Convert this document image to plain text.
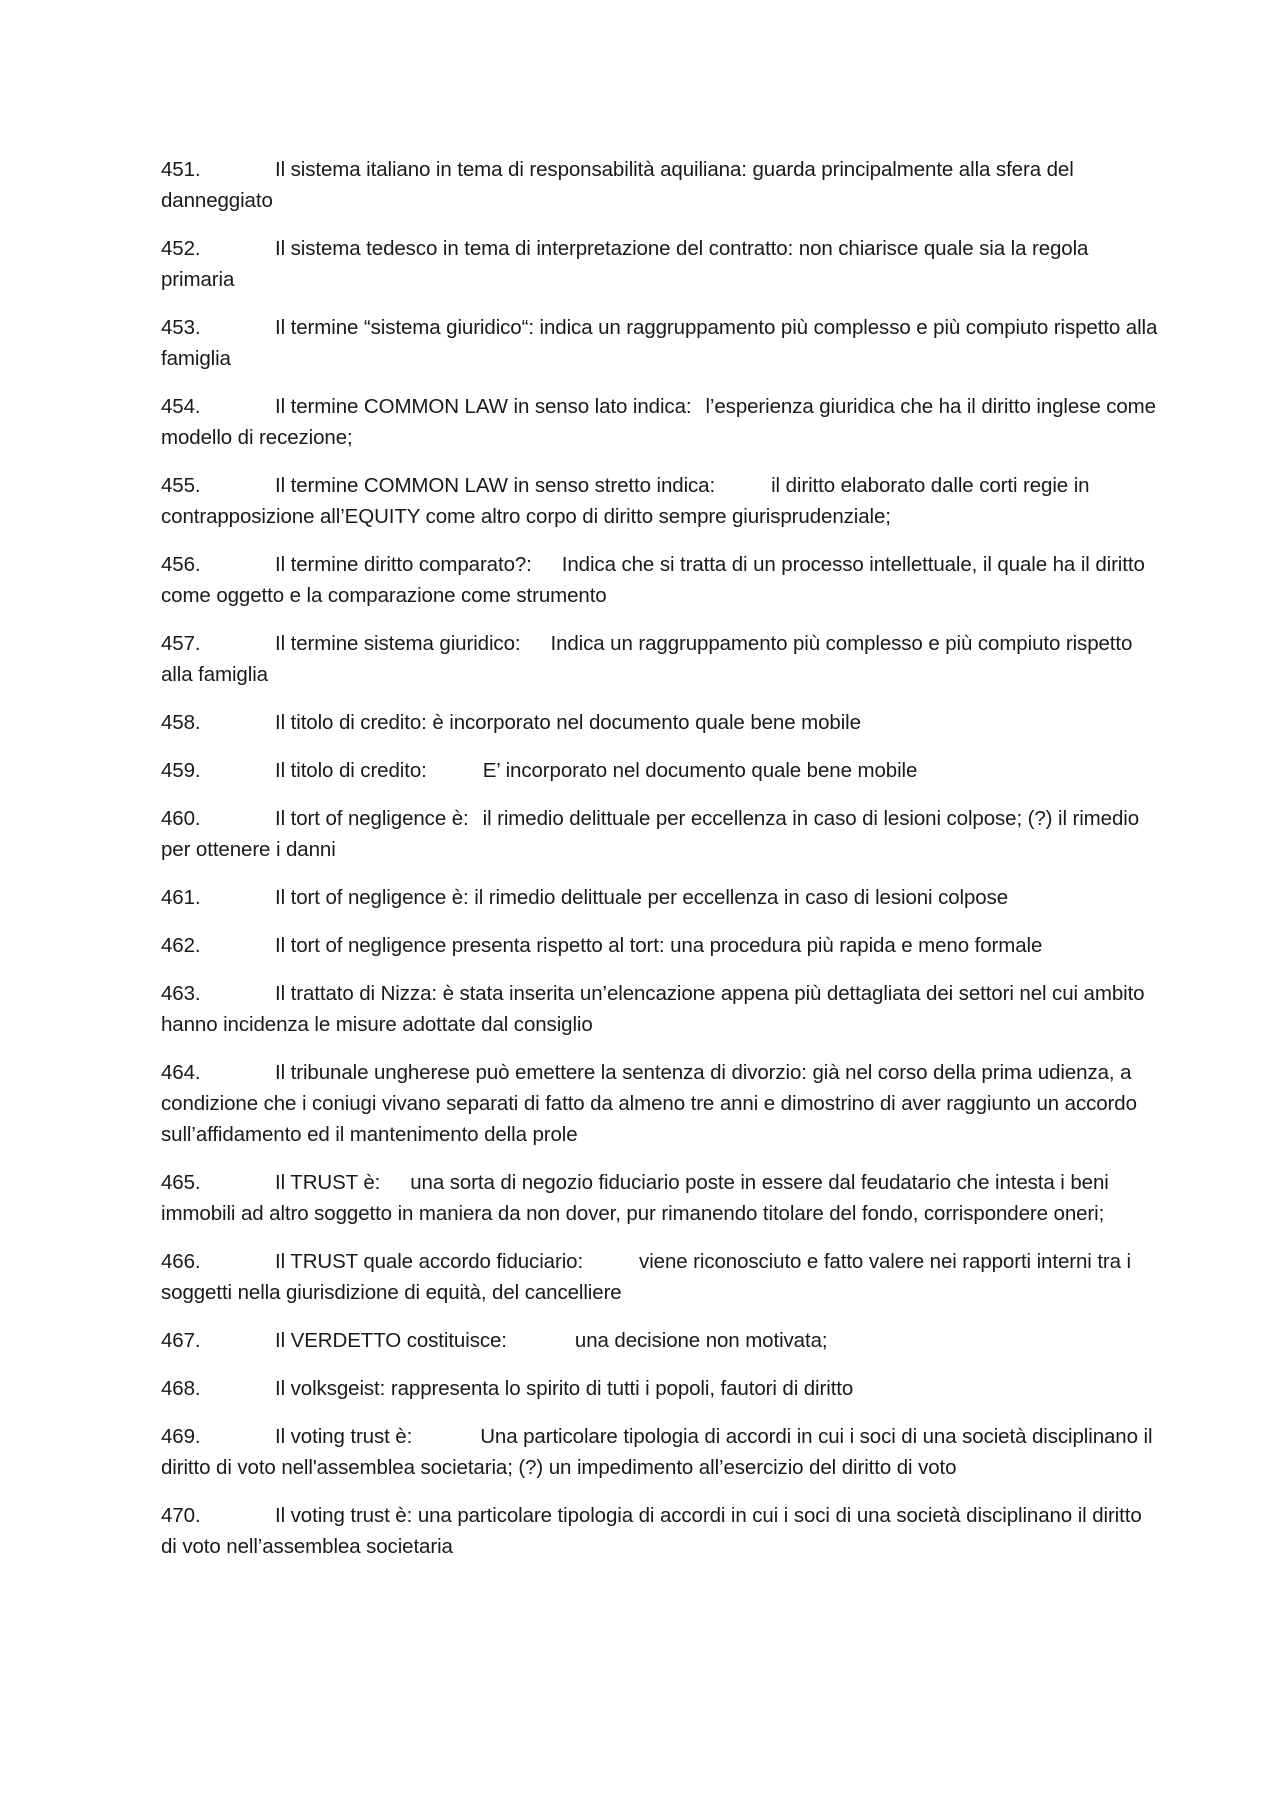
451.	Il sistema italiano in tema di responsabilità aquiliana: guarda principalmente alla sfera del danneggiato

452.	Il sistema tedesco in tema di interpretazione del contratto: non chiarisce quale sia la regola primaria

453.	Il termine “sistema giuridico“: indica un raggruppamento più complesso e più compiuto rispetto alla famiglia

454.	Il termine COMMON LAW in senso lato indica: l’esperienza giuridica che ha il diritto inglese come modello di recezione;

455.	Il termine COMMON LAW in senso stretto indica:	il diritto elaborato dalle corti regie in contrapposizione all’EQUITY come altro corpo di diritto sempre giurisprudenziale;

456.	Il termine diritto comparato?: Indica che si tratta di un processo intellettuale, il quale ha il diritto come oggetto e la comparazione come strumento

457.	Il termine sistema giuridico: Indica un raggruppamento più complesso e più compiuto rispetto alla famiglia

458.	Il titolo di credito: è incorporato nel documento quale bene mobile

459.	Il titolo di credito:	E’ incorporato nel documento quale bene mobile

460.	Il tort of negligence è: il rimedio delittuale per eccellenza in caso di lesioni colpose; (?) il rimedio per ottenere i danni

461.	Il tort of negligence è: il rimedio delittuale per eccellenza in caso di lesioni colpose

462.	Il tort of negligence presenta rispetto al tort: una procedura più rapida e meno formale

463.	Il trattato di Nizza: è stata inserita un’elencazione appena più dettagliata dei settori nel cui ambito hanno incidenza le misure adottate dal consiglio

464.	Il tribunale ungherese può emettere la sentenza di divorzio: già nel corso della prima udienza, a condizione che i coniugi vivano separati di fatto da almeno tre anni e dimostrino di aver raggiunto un accordo sull’affidamento ed il mantenimento della prole

465.	Il TRUST è: una sorta di negozio fiduciario poste in essere dal feudatario che intesta i beni immobili ad altro soggetto in maniera da non dover, pur rimanendo titolare del fondo, corrispondere oneri;

466.	Il TRUST quale accordo fiduciario:	viene riconosciuto e fatto valere nei rapporti interni tra i soggetti nella giurisdizione di equità, del cancelliere

467.	Il VERDETTO costituisce:	una decisione non motivata;

468.	Il volksgeist: rappresenta lo spirito di tutti i popoli, fautori di diritto

469.	Il voting trust è:	Una particolare tipologia di accordi in cui i soci di una società disciplinano il diritto di voto nell'assemblea societaria; (?) un impedimento all’esercizio del diritto di voto

470.	Il voting trust è: una particolare tipologia di accordi in cui i soci di una società disciplinano il diritto di voto nell’assemblea societaria
